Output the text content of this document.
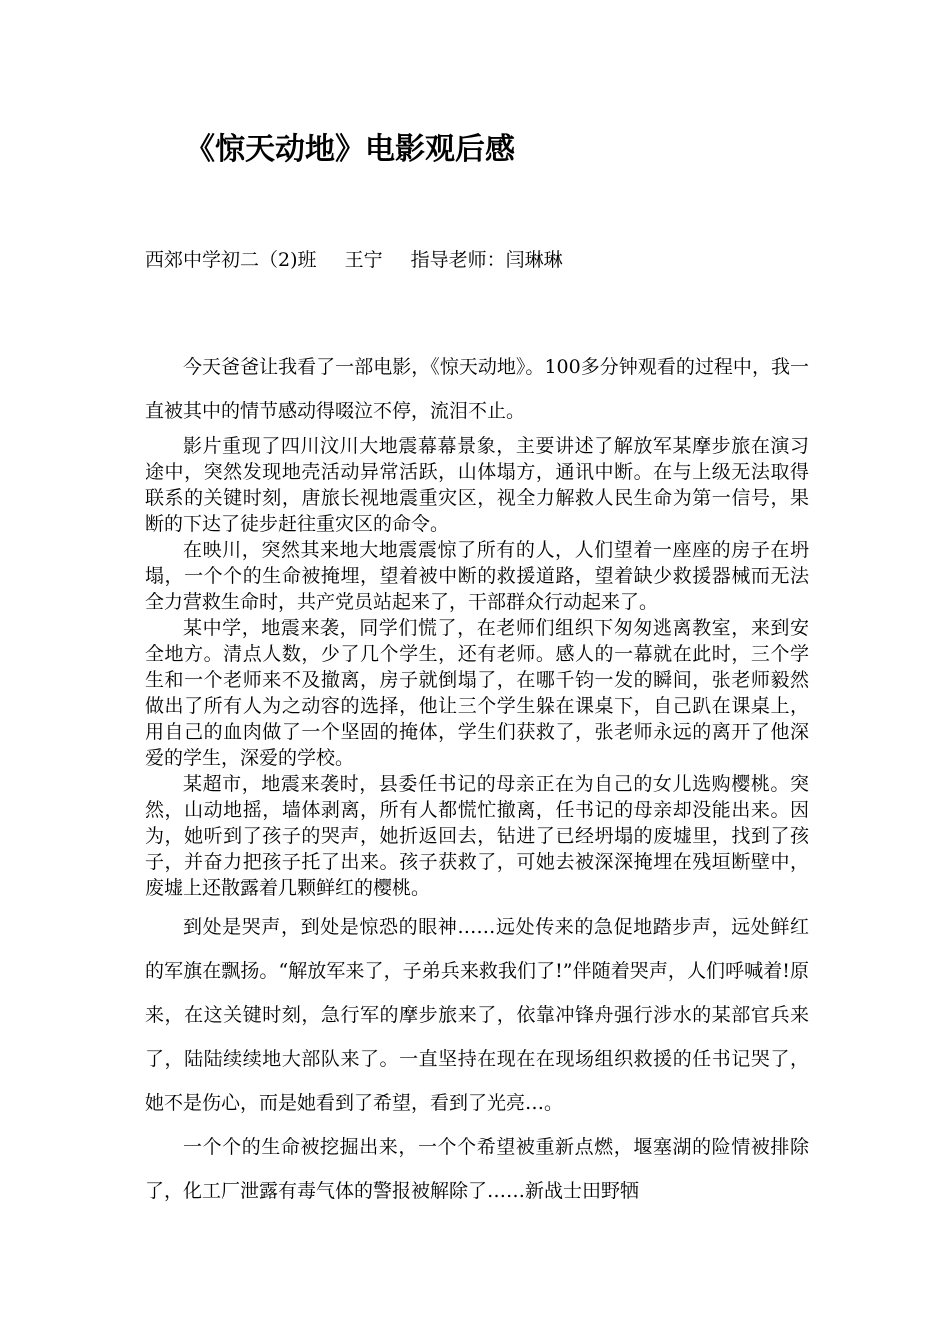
《惊天动地》电影观后感
西郊中学初二（2)班 王宁 指导老师：闫琳琳

今天爸爸让我看了一部电影，《惊天动地》。100多分钟观看的过程中，我一直被其中的情节感动得啜泣不停，流泪不止。

影片重现了四川汶川大地震幕幕景象，主要讲述了解放军某摩步旅在演习途中，突然发现地壳活动异常活跃，山体塌方，通讯中断。在与上级无法取得联系的关键时刻，唐旅长视地震重灾区，视全力解救人民生命为第一信号，果断的下达了徒步赶往重灾区的命令。

在映川，突然其来地大地震震惊了所有的人，人们望着一座座的房子在坍塌，一个个的生命被掩埋，望着被中断的救援道路，望着缺少救援器械而无法全力营救生命时，共产党员站起来了，干部群众行动起来了。

某中学，地震来袭，同学们慌了，在老师们组织下匆匆逃离教室，来到安全地方。清点人数，少了几个学生，还有老师。感人的一幕就在此时，三个学生和一个老师来不及撤离，房子就倒塌了，在哪千钧一发的瞬间，张老师毅然做出了所有人为之动容的选择，他让三个学生躲在课桌下，自己趴在课桌上，用自己的血肉做了一个坚固的掩体，学生们获救了，张老师永远的离开了他深爱的学生，深爱的学校。

某超市，地震来袭时，县委任书记的母亲正在为自己的女儿选购樱桃。突然，山动地摇，墙体剥离，所有人都慌忙撤离，任书记的母亲却没能出来。因为，她听到了孩子的哭声，她折返回去，钻进了已经坍塌的废墟里，找到了孩子，并奋力把孩子托了出来。孩子获救了，可她去被深深掩埋在残垣断壁中，废墟上还散露着几颗鲜红的樱桃。

到处是哭声，到处是惊恐的眼神……远处传来的急促地踏步声，远处鲜红的军旗在飘扬。“解放军来了，子弟兵来救我们了!”伴随着哭声，人们呼喊着!原来，在这关键时刻，急行军的摩步旅来了，依靠冲锋舟强行涉水的某部官兵来了，陆陆续续地大部队来了。一直坚持在现在在现场组织救援的任书记哭了，她不是伤心，而是她看到了希望，看到了光亮…。

一个个的生命被挖掘出来，一个个希望被重新点燃，堰塞湖的险情被排除了，化工厂泄露有毒气体的警报被解除了……新战士田野牺
